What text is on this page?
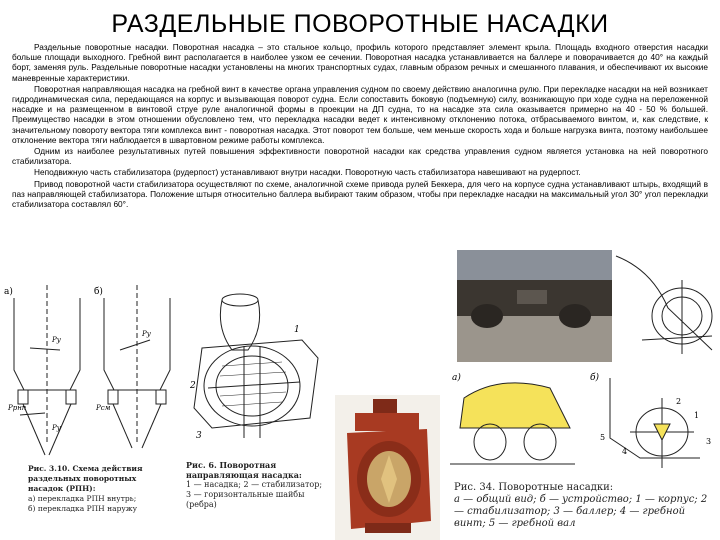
РАЗДЕЛЬНЫЕ ПОВОРОТНЫЕ НАСАДКИ

Раздельные поворотные насадки. Поворотная насадка – это стальное кольцо, профиль которого представляет элемент крыла. Площадь входного отверстия насадки больше площади выходного. Гребной винт располагается в наиболее узком ее сечении. Поворотная насадка устанавливается на баллере и поворачивается до 40° на каждый борт, заменяя руль. Раздельные поворотные насадки установлены на многих транспортных судах, главным образом речных и смешанного плавания, и обеспечивают их высокие маневренные характеристики.

Поворотная направляющая насадка на гребной винт в качестве органа управления судном по своему действию аналогична рулю. При перекладке насадки на ней возникает гидродинамическая сила, передающаяся на корпус и вызывающая поворот судна. Если сопоставить боковую (подъемную) силу, возникающую при ходе судна на переложенной насадке и на размещенном в винтовой струе руле аналогичной формы в проекции на ДП судна, то на насадке эта сила оказывается примерно на 40 - 50 % большей. Преимущество насадки в этом отношении обусловлено тем, что перекладка насадки ведет к интенсивному отклонению потока, отбрасываемого винтом, и, как следствие, к значительному повороту вектора тяги комплекса винт - поворотная насадка. Этот поворот тем больше, чем меньше скорость хода и больше нагрузка винта, поэтому наибольшее отклонение вектора тяги наблюдается в швартовном режиме работы комплекса.

Одним из наиболее результативных путей повышения эффективности поворотной насадки как средства управления судном является установка на ней поворотного стабилизатора.

Неподвижную часть стабилизатора (рудерпост) устанавливают внутри насадки. Поворотную часть стабилизатора навешивают на рудерпост.

Привод поворотной части стабилизатора осуществляют по схеме, аналогичной схеме привода рулей Беккера, для чего на корпусе судна устанавливают штырь, входящий в паз направляющей стабилизатора. Положение штыря относительно баллера выбирают таким образом, чтобы при перекладке насадки на максимальный угол 30° угол перекладки стабилизатора составлял 60°.

а)	б)
Pу
Pрнп
Pу
Pу
Pсм
Рис. 3.10. Схема действия раздельных поворотных насадок (РПН):
а) перекладка РПН внутрь;
б) перекладка РПН наружу
1
2
3
Рис. 6. Поворотная направляющая насадка:
1 — насадка; 2 — стабилизатор; 3 — горизонтальные шайбы (ребра)
а)	б)
1
2
3
4
5
Рис. 34. Поворотные насадки:
а — общий вид; б — устройство; 1 — корпус; 2 — стабилизатор; 3 — баллер; 4 — гребной винт; 5 — гребной вал
